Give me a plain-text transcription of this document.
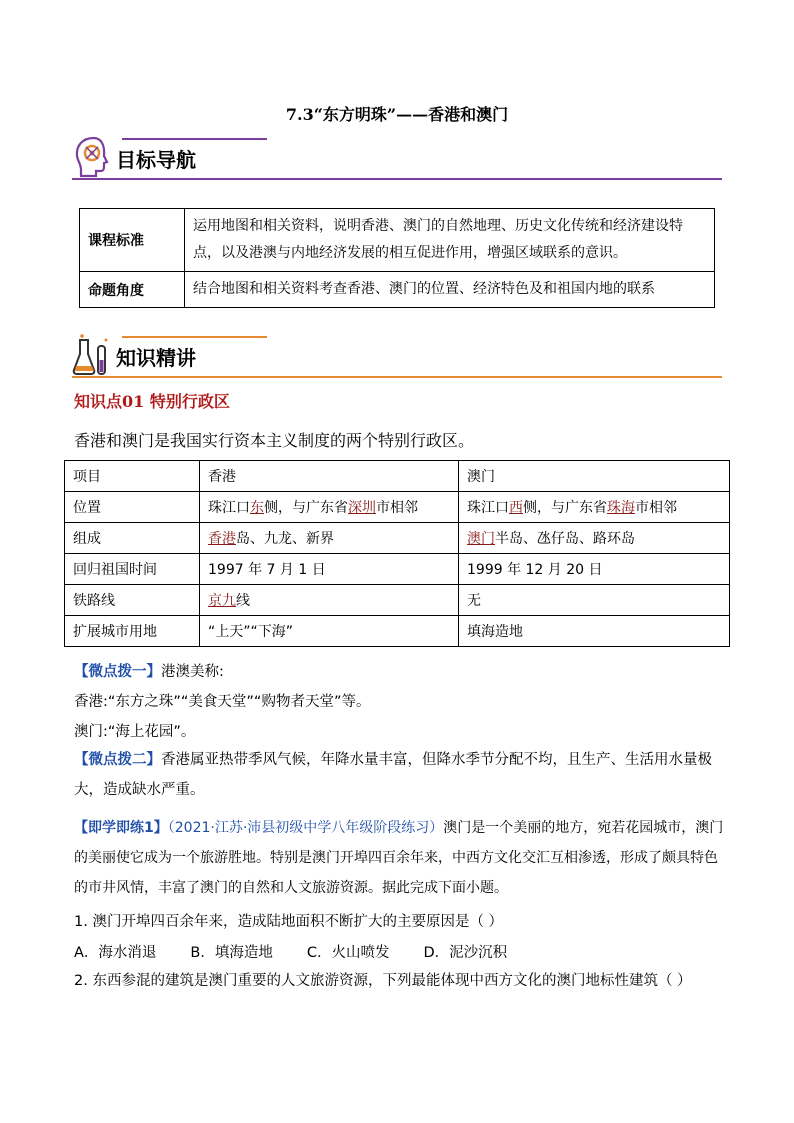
7.3“东方明珠”——香港和澳门
目标导航
课程标准	运用地图和相关资料，说明香港、澳门的自然地理、历史文化传统和经济建设特点，以及港澳与内地经济发展的相互促进作用，增强区域联系的意识。
命题角度	结合地图和相关资料考查香港、澳门的位置、经济特色及和祖国内地的联系
知识精讲
知识点01 特别行政区
香港和澳门是我国实行资本主义制度的两个特别行政区。
项目	香港	澳门
位置	珠江口东侧，与广东省深圳市相邻	珠江口西侧，与广东省珠海市相邻
组成	香港岛、九龙、新界	澳门半岛、氹仔岛、路环岛
回归祖国时间	1997 年 7 月 1 日	1999 年 12 月 20 日
铁路线	京九线	无
扩展城市用地	“上天”“下海”	填海造地
【微点拨一】港澳美称:
香港:“东方之珠”“美食天堂”“购物者天堂”等。
澳门:“海上花园”。
【微点拨二】香港属亚热带季风气候，年降水量丰富，但降水季节分配不均，且生产、生活用水量极大，造成缺水严重。
【即学即练1】（2021·江苏·沛县初级中学八年级阶段练习）澳门是一个美丽的地方，宛若花园城市，澳门的美丽使它成为一个旅游胜地。特别是澳门开埠四百余年来，中西方文化交汇互相渗透，形成了颇具特色的市井风情，丰富了澳门的自然和人文旅游资源。据此完成下面小题。
1. 澳门开埠四百余年来，造成陆地面积不断扩大的主要原因是（ ）
A．海水消退 B．填海造地 C．火山喷发 D．泥沙沉积
2. 东西参混的建筑是澳门重要的人文旅游资源，下列最能体现中西方文化的澳门地标性建筑（ ）
